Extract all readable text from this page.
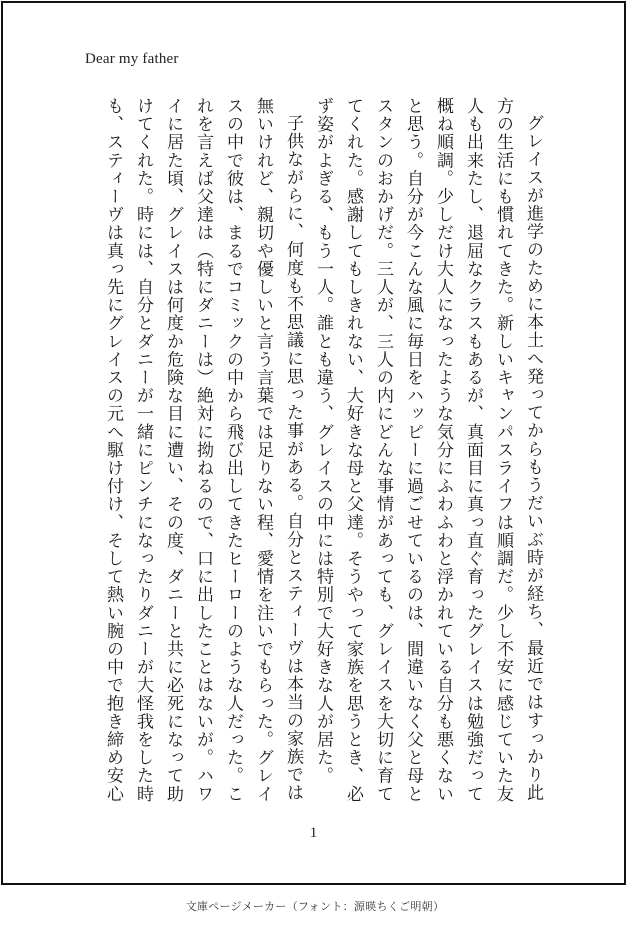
Dear my father

グレイスが進学のために本土へ発ってからもうだいぶ時が経ち、最近ではすっかり此方の生活にも慣れてきた。新しいキャンパスライフは順調だ。少し不安に感じていた友人も出来たし、退屈なクラスもあるが、真面目に真っ直ぐ育ったグレイスは勉強だって概ね順調。少しだけ大人になったような気分にふわふわと浮かれている自分も悪くないと思う。自分が今こんな風に毎日をハッピーに過ごせているのは、間違いなく父と母とスタンのおかげだ。三人が、三人の内にどんな事情があっても、グレイスを大切に育ててくれた。感謝してもしきれない、大好きな母と父達。そうやって家族を思うとき、必ず姿がよぎる、もう一人。誰とも違う、グレイスの中には特別で大好きな人が居た。

子供ながらに、何度も不思議に思った事がある。自分とスティーヴは本当の家族では無いけれど、親切や優しいと言う言葉では足りない程、愛情を注いでもらった。グレイスの中で彼は、まるでコミックの中から飛び出してきたヒーローのような人だった。これを言えば父達は（特にダニーは）絶対に拗ねるので、口に出したことはないが。ハワイに居た頃、グレイスは何度か危険な目に遭い、その度、ダニーと共に必死になって助けてくれた。時には、自分とダニーが一緒にピンチになったりダニーが大怪我をした時も、スティーヴは真っ先にグレイスの元へ駆け付け、そして熱い腕の中で抱き締め安心

1
文庫ページメーカー（フォント：源暎ちくご明朝）
